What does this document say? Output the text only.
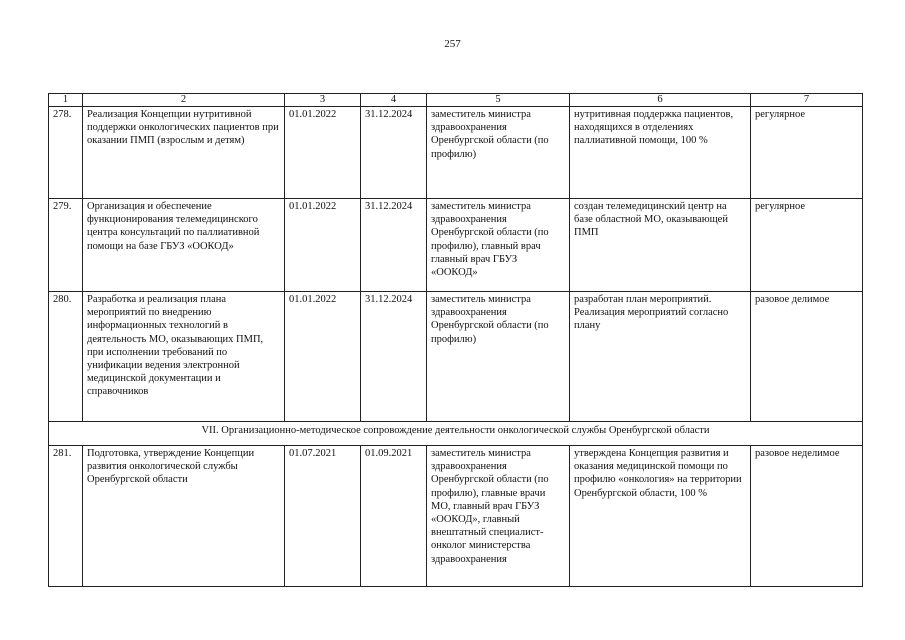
257
1	2	3	4	5	6	7
278.	Реализация Концепции нутритивной поддержки онкологических пациентов при оказании ПМП (взрослым и детям)	01.01.2022	31.12.2024	заместитель министра здравоохранения Оренбургской области (по профилю)	нутритивная поддержка пациентов, находящихся в отделениях паллиативной помощи, 100 %	регулярное
279.	Организация и обеспечение функционирования телемедицинского центра консультаций по паллиативной помощи на базе ГБУЗ «ООКОД»	01.01.2022	31.12.2024	заместитель министра здравоохранения Оренбургской области (по профилю), главный врач главный врач ГБУЗ «ООКОД»	создан телемедицинский центр на базе областной МО, оказывающей ПМП	регулярное
280.	Разработка и реализация плана мероприятий по внедрению информационных технологий в деятельность МО, оказывающих ПМП, при исполнении требований по унификации ведения электронной медицинской документации и справочников	01.01.2022	31.12.2024	заместитель министра здравоохранения Оренбургской области (по профилю)	разработан план мероприятий. Реализация мероприятий согласно плану	разовое делимое
VII. Организационно-методическое сопровождение деятельности онкологической службы Оренбургской области						
281.	Подготовка, утверждение Концепции развития онкологической службы Оренбургской области	01.07.2021	01.09.2021	заместитель министра здравоохранения Оренбургской области (по профилю), главные врачи МО, главный врач ГБУЗ «ООКОД», главный внештатный специалист-онколог министерства здравоохранения	утверждена Концепция развития и оказания медицинской помощи по профилю «онкология» на территории Оренбургской области, 100 %	разовое неделимое
